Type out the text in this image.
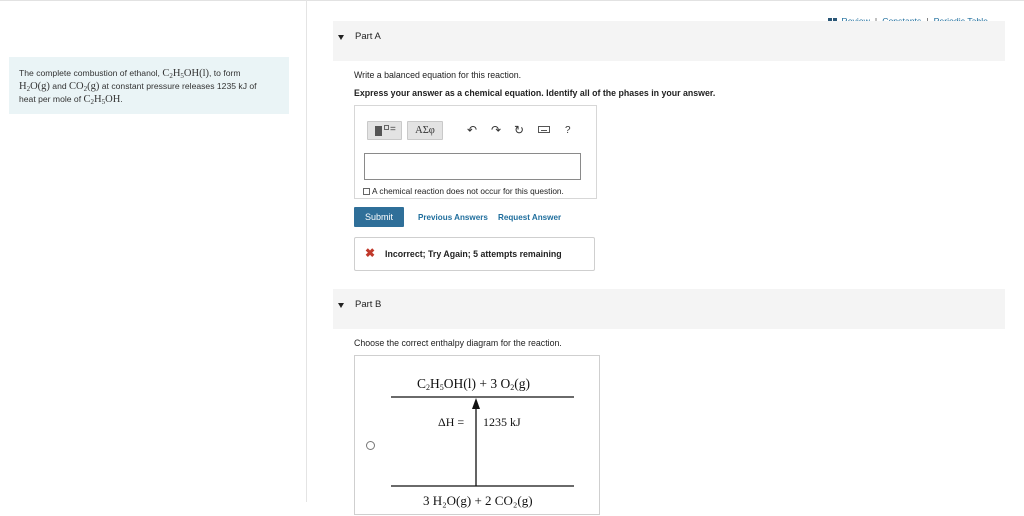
The complete combustion of ethanol, $C_2H_5OH(l)$, to form
$H_2O(g)$ and $CO_2(g)$ at constant pressure releases 1235 kJ of
heat per mole of $C_2H_5OH$.
Part A
Write a balanced equation for this reaction.
Express your answer as a chemical equation. Identify all of the phases in your answer.
=	AΣφ	↶ ↷ ↻	?
A chemical reaction does not occur for this question.
Submit	Previous Answers Request Answer
✖ Incorrect; Try Again; 5 attempts remaining
Part B
Choose the correct enthalpy diagram for the reaction.
$C_2H_5OH(l) + 3$ $O_2(g)$
ΔH = 1235 kJ
3 H₂O(g) + 2 CO₂(g)
